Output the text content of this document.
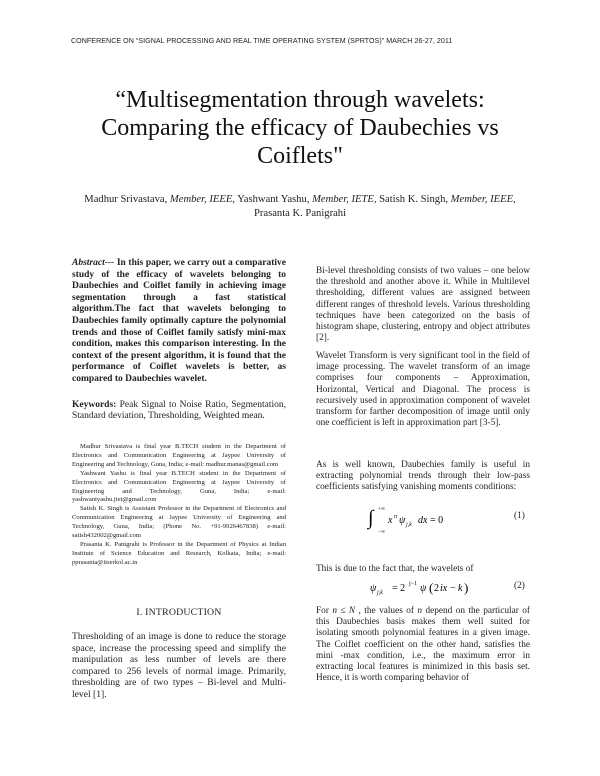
CONFERENCE ON “SIGNAL PROCESSING AND REAL TIME OPERATING SYSTEM (SPRTOS)” MARCH 26-27, 2011
“Multisegmentation through wavelets:
Comparing the efficacy of Daubechies vs
Coiflets"
Madhur Srivastava, Member, IEEE, Yashwant Yashu, Member, IETE, Satish K. Singh, Member, IEEE,
Prasanta K. Panigrahi
Abstract--- In this paper, we carry out a comparative study of the efficacy of wavelets belonging to Daubechies and Coiflet family in achieving image segmentation through a fast statistical algorithm.The fact that wavelets belonging to Daubechies family optimally capture the polynomial trends and those of Coiflet family satisfy mini-max condition, makes this comparison interesting. In the context of the present algorithm, it is found that the performance of Coiflet wavelets is better, as compared to Daubechies wavelet.
Keywords: Peak Signal to Noise Ratio, Segmentation, Standard deviation, Thresholding, Weighted mean.

Madhur Srivastava is final year B.TECH student in the Department of Electronics and Communication Engineering at Jaypee University of Engineering and Technology, Guna, India; e-mail: madhur.manas@gmail.com

Yashwant Yashu is final year B.TECH student in the Department of Electronics and Communication Engineering at Jaypee University of Engineering and Technology, Guna, India; e-mail: yashwantyashu.jiet@gmail.com

Satish K. Singh is Assistant Professor in the Department of Electronics and Communication Engineering at Jaypee University of Engineering and Technology, Guna, India; (Phone No. +91-9926467838) e-mail: satish432002@gmail.com

Prasanta K. Panigrahi is Professor in the Department of Physics at Indian Institute of Science Education and Research, Kolkata, India; e-mail: pprasanta@iiserkol.ac.in

I. INTRODUCTION
Thresholding of an image is done to reduce the storage space, increase the processing speed and simplify the manipulation as less number of levels are there compared to 256 levels of normal image. Primarily, thresholding are of two types – Bi-level and Multi-level [1].
Bi-level thresholding consists of two values – one below the threshold and another above it. While in Multilevel thresholding, different values are assigned between different ranges of threshold levels. Various thresholding techniques have been categorized on the basis of histogram shape, clustering, entropy and object attributes [2].
Wavelet Transform is very significant tool in the field of image processing. The wavelet transform of an image comprises four components – Approximation, Horizontal, Vertical and Diagonal. The process is recursively used in approximation component of wavelet transform for farther decomposition of image until only one coefficient is left in approximation part [3-5].
As is well known, Daubechies family is useful in extracting polynomial trends through their low-pass coefficients satisfying vanishing moments conditions:
∫ +∞
−∞
x n ψ j,k dx = 0	(1)
This is due to the fact that, the wavelets of
ψ j,k = 2 j−1 ψ ( 2 ix − k )	(2)
For n ≤ N , the values of n depend on the particular of this Daubechies basis makes them well suited for isolating smooth polynomial features in a given image. The Coiflet coefficient on the other hand, satisfies the mini -max condition, i.e., the maximum error in extracting local features is minimized in this basis set. Hence, it is worth comparing behavior of
